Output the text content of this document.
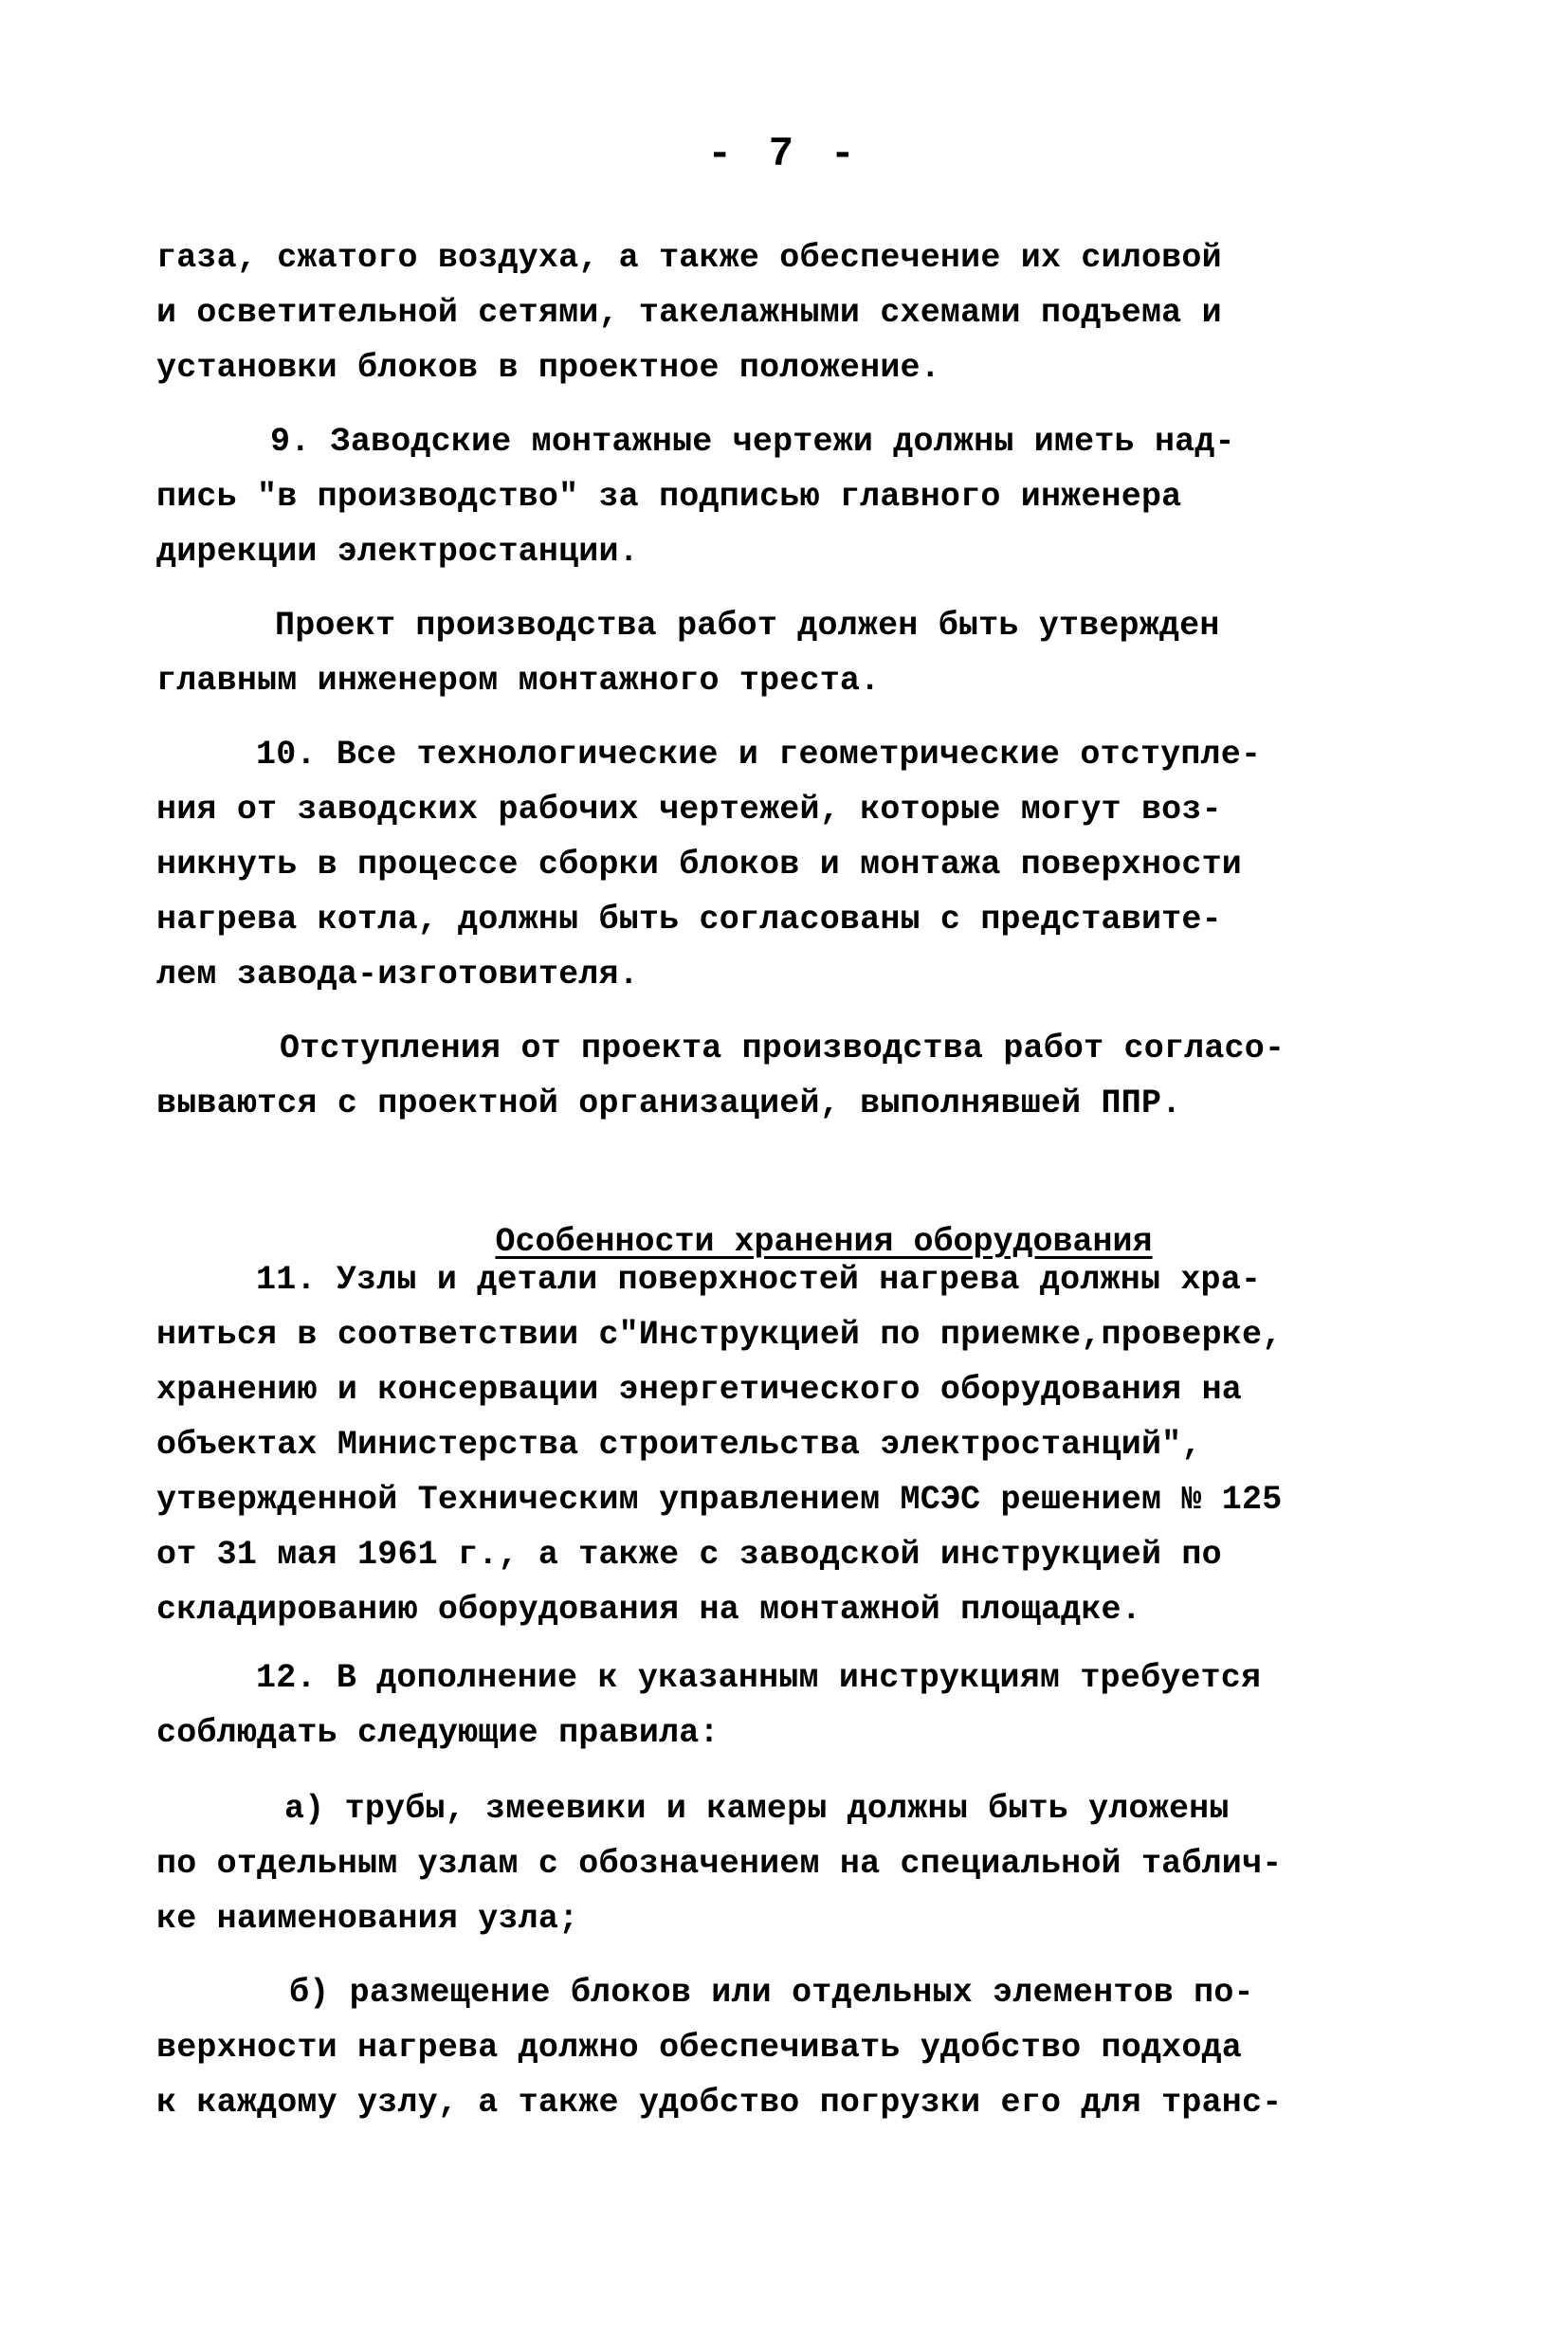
- 7 -
газа, сжатого воздуха, а также обеспечение их силовой
и осветительной сетями, такелажными схемами подъема и
установки блоков в проектное положение.
9. Заводские монтажные чертежи должны иметь над-
пись "в производство" за подписью главного инженера
дирекции электростанции.
Проект производства работ должен быть утвержден
главным инженером монтажного треста.
10. Все технологические и геометрические отступле-
ния от заводских рабочих чертежей, которые могут воз-
никнуть в процессе сборки блоков и монтажа поверхности
нагрева котла, должны быть согласованы с представите-
лем завода-изготовителя.
Отступления от проекта производства работ согласо-
вываются с проектной организацией, выполнявшей ППР.

Особенности хранения оборудования

11. Узлы и детали поверхностей нагрева должны хра-
ниться в соответствии с"Инструкцией по приемке,проверке,
хранению и консервации энергетического оборудования на
объектах Министерства строительства электростанций",
утвержденной Техническим управлением МСЭС решением № 125
от 31 мая 1961 г., а также с заводской инструкцией по
складированию оборудования на монтажной площадке.
12. В дополнение к указанным инструкциям требуется
соблюдать следующие правила:
а) трубы, змеевики и камеры должны быть уложены
по отдельным узлам с обозначением на специальной таблич-
ке наименования узла;
б) размещение блоков или отдельных элементов по-
верхности нагрева должно обеспечивать удобство подхода
к каждому узлу, а также удобство погрузки его для транс-
